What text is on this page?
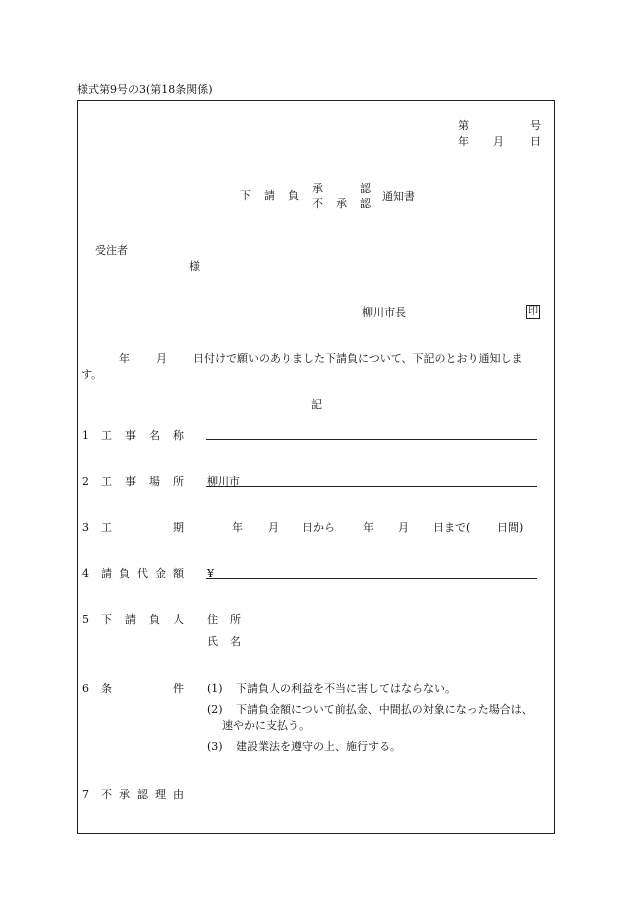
様式第9号の3(第18条関係)
第	号
年 月 日
下 請 負
承	認
不 承 認
通知書
受注者
様
柳川市長	印
年 月 日付けで願いのありました下請負について、下記のとおり通知しま
す。
記
1 工 事 名 称
2 工 事 場 所 柳川市
3 工	期	年 月 日から	年 月 日まで( 日間)
4 請 負 代 金 額 ¥
5 下 請 負 人 住 所
氏 名
6 条	件 (1) 下請負人の利益を不当に害してはならない。
(2) 下請負金額について前払金、中間払の対象になった場合は、
速やかに支払う。
(3) 建設業法を遵守の上、施行する。
7 不 承 認 理 由
